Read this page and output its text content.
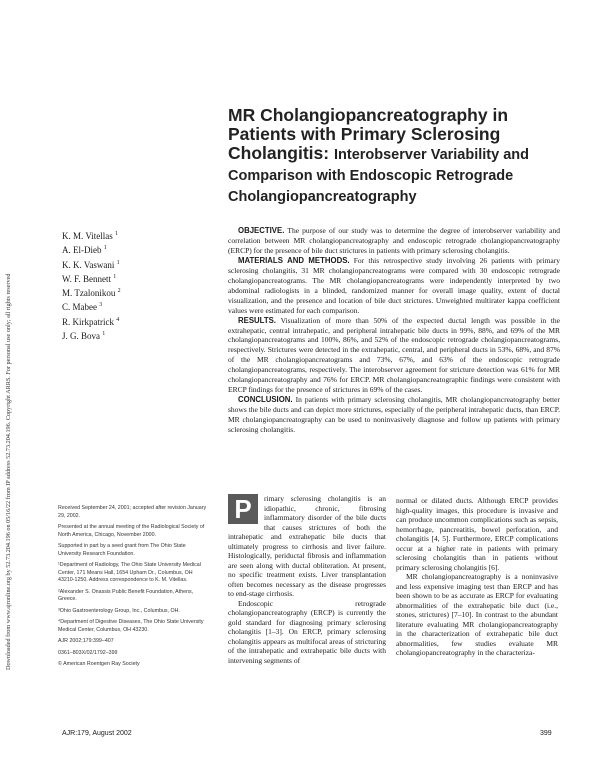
Downloaded from www.ajronline.org by 52.73.204.196 on 05/16/22 from IP address 52.73.204.196. Copyright ARRS. For personal use only; all rights reserved
MR Cholangiopancreatography in Patients with Primary Sclerosing Cholangitis: Interobserver Variability and Comparison with Endoscopic Retrograde Cholangiopancreatography
K. M. Vitellas $^1$
A. El-Dieb $^1$
K. K. Vaswani $^1$
W. F. Bennett $^1$
M. Tzalonikou $^2$
C. Mabee $^3$
R. Kirkpatrick $^4$
J. G. Bova $^1$

OBJECTIVE. The purpose of our study was to determine the degree of interobserver variability and correlation between MR cholangiopancreatography and endoscopic retrograde cholangiopancreatography (ERCP) for the presence of bile duct strictures in patients with primary sclerosing cholangitis.

MATERIALS AND METHODS. For this retrospective study involving 26 patients with primary sclerosing cholangitis, 31 MR cholangiopancreatograms were compared with 30 endoscopic retrograde cholangiopancreatograms. The MR cholangiopancreatograms were independently interpreted by two abdominal radiologists in a blinded, randomized manner for overall image quality, extent of ductal visualization, and the presence and location of bile duct strictures. Unweighted multirater kappa coefficient values were estimated for each comparison.

RESULTS. Visualization of more than 50% of the expected ductal length was possible in the extrahepatic, central intrahepatic, and peripheral intrahepatic bile ducts in 99%, 88%, and 69% of the MR cholangiopancreatograms and 100%, 86%, and 52% of the endoscopic retrograde cholangiopancreatograms, respectively. Strictures were detected in the extrahepatic, central, and peripheral ducts in 53%, 68%, and 87% of the MR cholangiopancreatograms and 73%, 67%, and 63% of the endoscopic retrograde cholangiopancreatograms, respectively. The interobserver agreement for stricture detection was 61% for MR cholangiopancreatography and 76% for ERCP. MR cholangiopancreatographic findings were consistent with ERCP findings for the presence of strictures in 69% of the cases.

CONCLUSION. In patients with primary sclerosing cholangitis, MR cholangiopancreatography better shows the bile ducts and can depict more strictures, especially of the peripheral intrahepatic ducts, than ERCP. MR cholangiopancreatography can be used to noninvasively diagnose and follow up patients with primary sclerosing cholangitis.

Received September 24, 2001; accepted after revision January 29, 2002.

Presented at the annual meeting of the Radiological Society of North America, Chicago, November 2000.

Supported in part by a seed grant from The Ohio State University Research Foundation.

¹Department of Radiology, The Ohio State University Medical Center, 171 Means Hall, 1654 Upham Dr., Columbus, OH 43210-1250. Address correspondence to K. M. Vitellas.

²Alexander S. Onassis Public Benefit Foundation, Athens, Greece.

³Ohio Gastroenterology Group, Inc., Columbus, OH.

⁴Department of Digestive Diseases, The Ohio State University Medical Center, Columbus, OH 43230.

AJR 2002;179:399–407

0361–803X/02/1792–399

© American Roentgen Ray Society

P	rimary sclerosing cholangitis is an idiopathic, chronic, fibrosing inflammatory disorder of the bile ducts that causes strictures of both the intrahepatic and extrahepatic bile ducts that ultimately progress to cirrhosis and liver failure. Histologically, periductal fibrosis and inflammation are seen along with ductal obliteration. At present, no specific treatment exists. Liver transplantation often becomes necessary as the disease progresses to end-stage cirrhosis.

Endoscopic retrograde cholangiopancreatography (ERCP) is currently the gold standard for diagnosing primary sclerosing cholangitis [1–3]. On ERCP, primary sclerosing cholangitis appears as multifocal areas of stricturing of the intrahepatic and extrahepatic bile ducts with intervening segments of

normal or dilated ducts. Although ERCP provides high-quality images, this procedure is invasive and can produce uncommon complications such as sepsis, hemorrhage, pancreatitis, bowel perforation, and cholangitis [4, 5]. Furthermore, ERCP complications occur at a higher rate in patients with primary sclerosing cholangitis than in patients without primary sclerosing cholangitis [6].

MR cholangiopancreatography is a noninvasive and less expensive imaging test than ERCP and has been shown to be as accurate as ERCP for evaluating abnormalities of the extrahepatic bile duct (i.e., stones, strictures) [7–10]. In contrast to the abundant literature evaluating MR cholangiopancreatography in the characterization of extrahepatic bile duct abnormalities, few studies evaluate MR cholangiopancreatography in the characteriza-

AJR:179, August 2002	399
